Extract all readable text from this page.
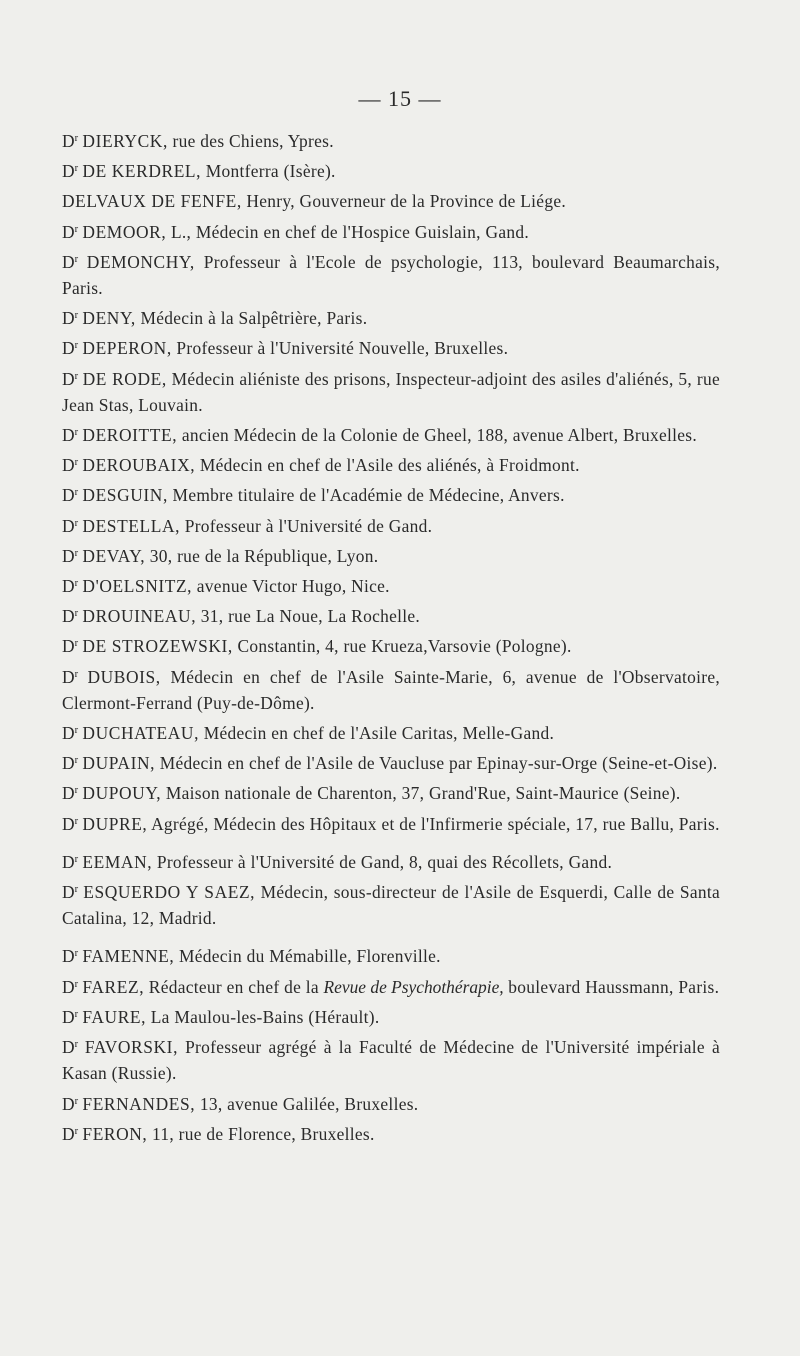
— 15 —

$D^r$ DIERYCK, rue des Chiens, Ypres.

$D^r$ DE KERDREL, Montferra (Isère).

DELVAUX DE FENFE, Henry, Gouverneur de la Province de Liége.

$D^r$ DEMOOR, L., Médecin en chef de l'Hospice Guislain, Gand.

$D^r$ DEMONCHY, Professeur à l'Ecole de psychologie, 113, boulevard Beaumarchais, Paris.

$D^r$ DENY, Médecin à la Salpêtrière, Paris.

$D^r$ DEPERON, Professeur à l'Université Nouvelle, Bruxelles.

$D^r$ DE RODE, Médecin aliéniste des prisons, Inspecteur-adjoint des asiles d'aliénés, 5, rue Jean Stas, Louvain.

$D^r$ DEROITTE, ancien Médecin de la Colonie de Gheel, 188, avenue Albert, Bruxelles.

$D^r$ DEROUBAIX, Médecin en chef de l'Asile des aliénés, à Froidmont.

$D^r$ DESGUIN, Membre titulaire de l'Académie de Médecine, Anvers.

$D^r$ DESTELLA, Professeur à l'Université de Gand.

$D^r$ DEVAY, 30, rue de la République, Lyon.

$D^r$ D'OELSNITZ, avenue Victor Hugo, Nice.

$D^r$ DROUINEAU, 31, rue La Noue, La Rochelle.

$D^r$ DE STROZEWSKI, Constantin, 4, rue Krueza,Varsovie (Pologne).

$D^r$ DUBOIS, Médecin en chef de l'Asile Sainte-Marie, 6, avenue de l'Observatoire, Clermont-Ferrand (Puy-de-Dôme).

$D^r$ DUCHATEAU, Médecin en chef de l'Asile Caritas, Melle-Gand.

$D^r$ DUPAIN, Médecin en chef de l'Asile de Vaucluse par Epinay-sur-Orge (Seine-et-Oise).

$D^r$ DUPOUY, Maison nationale de Charenton, 37, Grand'Rue, Saint-Maurice (Seine).

$D^r$ DUPRE, Agrégé, Médecin des Hôpitaux et de l'Infirmerie spéciale, 17, rue Ballu, Paris.

$D^r$ EEMAN, Professeur à l'Université de Gand, 8, quai des Récollets, Gand.

$D^r$ ESQUERDO Y SAEZ, Médecin, sous-directeur de l'Asile de Esquerdi, Calle de Santa Catalina, 12, Madrid.

$D^r$ FAMENNE, Médecin du Mémabille, Florenville.

$D^r$ FAREZ, Rédacteur en chef de la Revue de Psychothérapie, boulevard Haussmann, Paris.

$D^r$ FAURE, La Maulou-les-Bains (Hérault).

$D^r$ FAVORSKI, Professeur agrégé à la Faculté de Médecine de l'Université impériale à Kasan (Russie).

$D^r$ FERNANDES, 13, avenue Galilée, Bruxelles.

$D^r$ FERON, 11, rue de Florence, Bruxelles.
